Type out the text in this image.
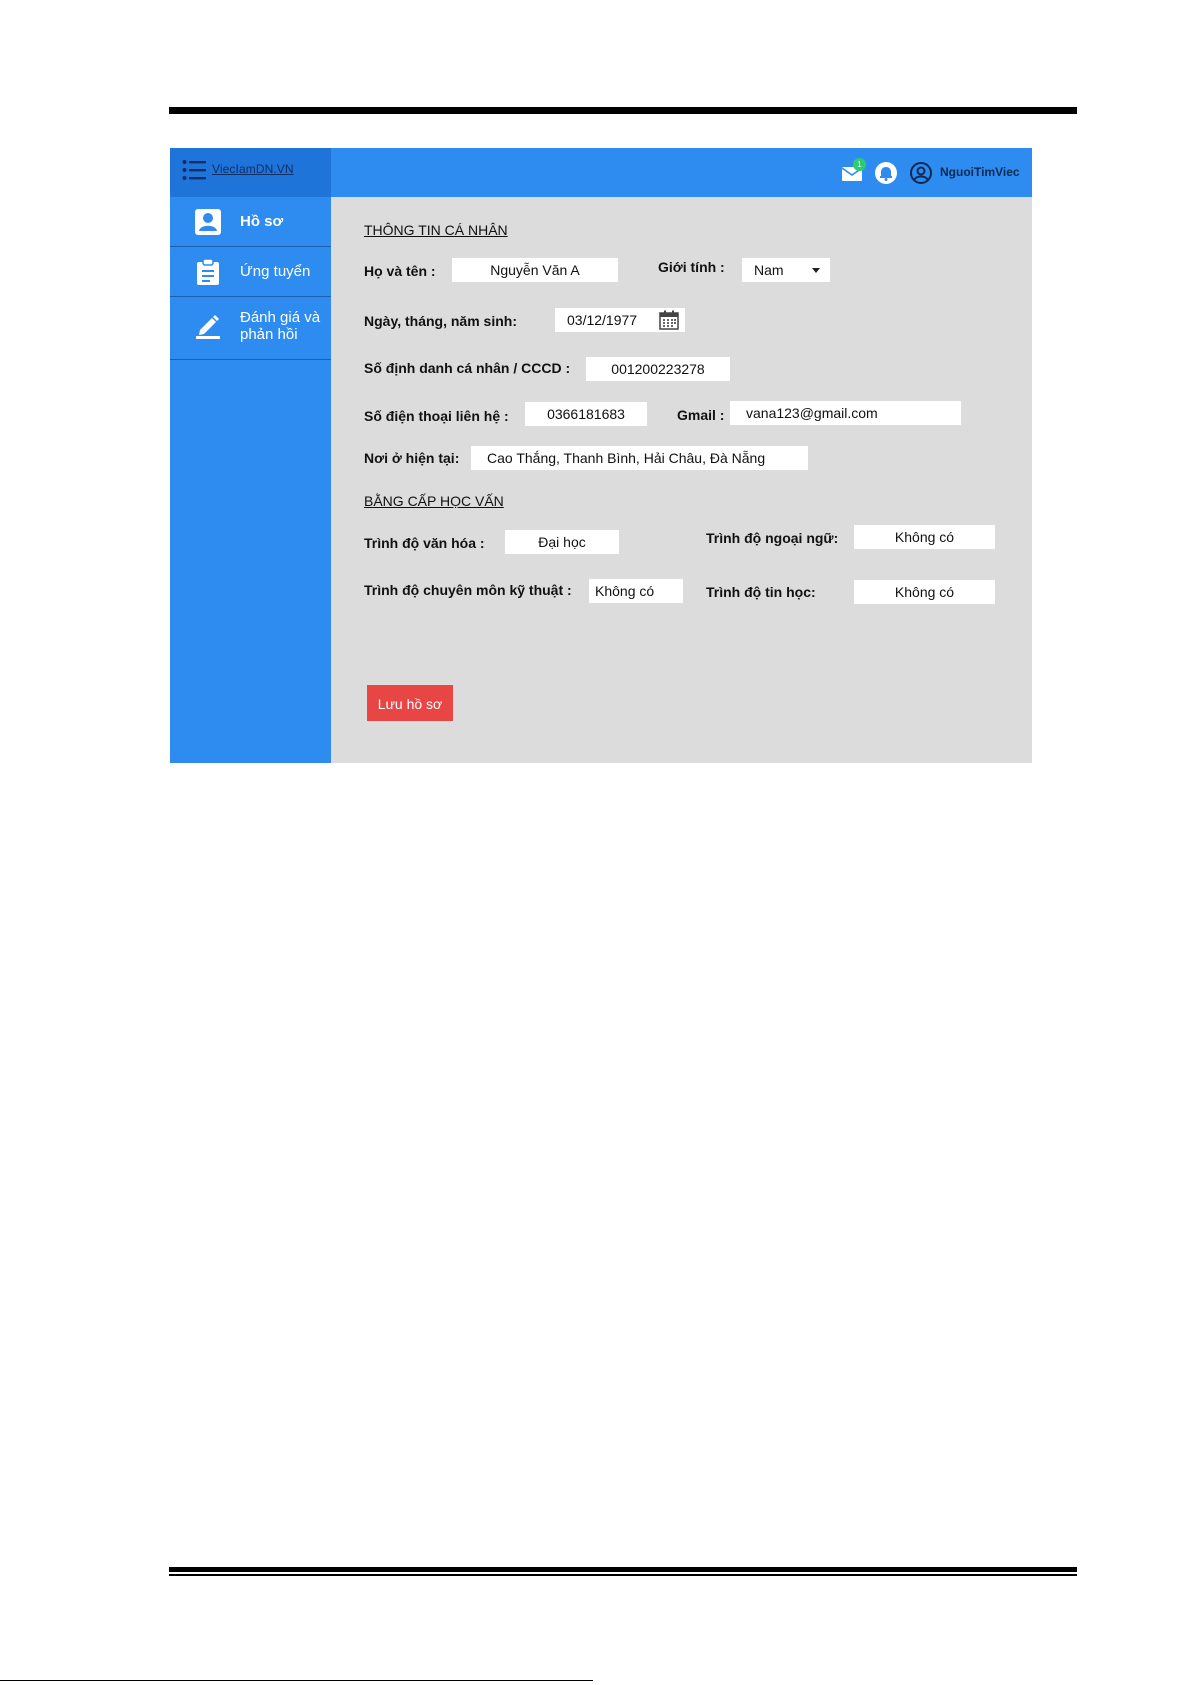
ViecIamDN.VN
Hồ sơ
Ứng tuyển
Đánh giá và phản hồi
1
NguoiTimViec
THÔNG TIN CÁ NHÂN
Họ và tên :	Nguyễn Văn A	Giới tính :	Nam
Ngày, tháng, năm sinh:	03/12/1977
Số định danh cá nhân / CCCD :	001200223278
Số điện thoại liên hệ :	0366181683	Gmail :	vana123@gmail.com
Nơi ở hiện tại:	Cao Thắng, Thanh Bình, Hải Châu, Đà Nẵng
BẰNG CẤP HỌC VẤN
Trình độ văn hóa :	Đại học	Trình độ ngoại ngữ:	Không có
Trình độ chuyên môn kỹ thuật :	Không có	Trình độ tin học:	Không có
Lưu hồ sơ
